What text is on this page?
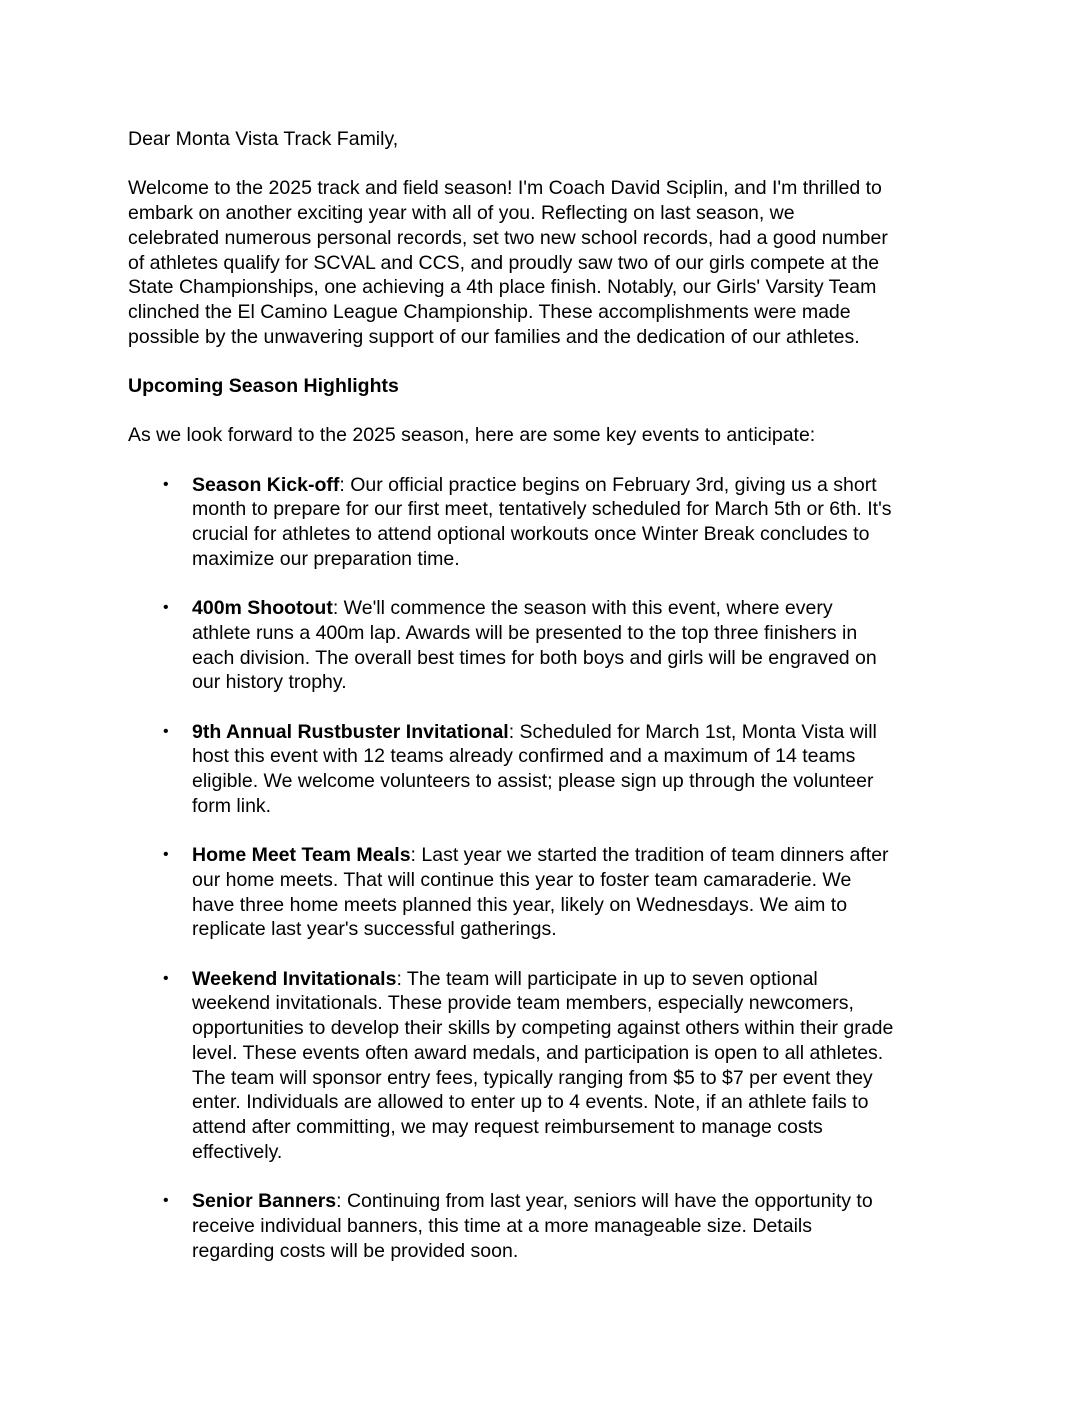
Dear Monta Vista Track Family,

Welcome to the 2025 track and field season! I'm Coach David Sciplin, and I'm thrilled to
embark on another exciting year with all of you. Reflecting on last season, we
celebrated numerous personal records, set two new school records, had a good number
of athletes qualify for SCVAL and CCS, and proudly saw two of our girls compete at the
State Championships, one achieving a 4th place finish. Notably, our Girls' Varsity Team
clinched the El Camino League Championship. These accomplishments were made
possible by the unwavering support of our families and the dedication of our athletes.

Upcoming Season Highlights

As we look forward to the 2025 season, here are some key events to anticipate:

• Season Kick-off: Our official practice begins on February 3rd, giving us a short
month to prepare for our first meet, tentatively scheduled for March 5th or 6th. It's
crucial for athletes to attend optional workouts once Winter Break concludes to
maximize our preparation time.
• 400m Shootout: We'll commence the season with this event, where every
athlete runs a 400m lap. Awards will be presented to the top three finishers in
each division. The overall best times for both boys and girls will be engraved on
our history trophy.
• 9th Annual Rustbuster Invitational: Scheduled for March 1st, Monta Vista will
host this event with 12 teams already confirmed and a maximum of 14 teams
eligible. We welcome volunteers to assist; please sign up through the volunteer
form link.
• Home Meet Team Meals: Last year we started the tradition of team dinners after
our home meets. That will continue this year to foster team camaraderie. We
have three home meets planned this year, likely on Wednesdays. We aim to
replicate last year's successful gatherings.
• Weekend Invitationals: The team will participate in up to seven optional
weekend invitationals. These provide team members, especially newcomers,
opportunities to develop their skills by competing against others within their grade
level. These events often award medals, and participation is open to all athletes.
The team will sponsor entry fees, typically ranging from $5 to $7 per event they
enter. Individuals are allowed to enter up to 4 events. Note, if an athlete fails to
attend after committing, we may request reimbursement to manage costs
effectively.
• Senior Banners: Continuing from last year, seniors will have the opportunity to
receive individual banners, this time at a more manageable size. Details
regarding costs will be provided soon.
